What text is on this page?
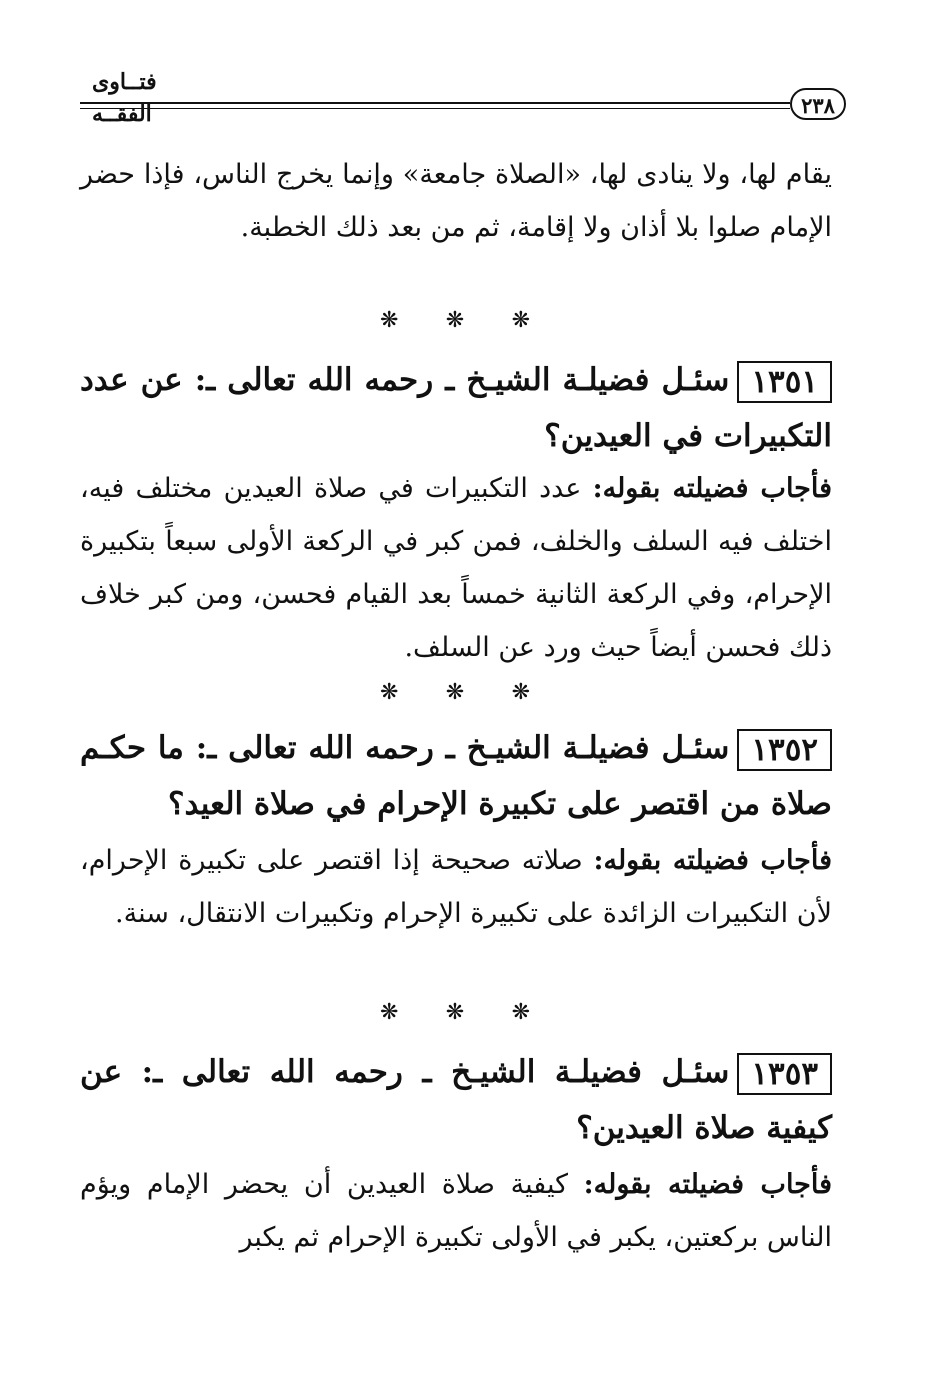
فتــاوى الفقــه	٢٣٨

يقام لها، ولا ينادى لها، «الصلاة جامعة» وإنما يخرج الناس، فإذا حضر الإمام صلوا بلا أذان ولا إقامة، ثم من بعد ذلك الخطبة.

❋
❋
❋

١٣٥١سئـل فضيلـة الشيـخ ـ رحمه الله تعالى ـ: عن عدد التكبيرات في العيدين؟

فأجاب فضيلته بقوله: عدد التكبيرات في صلاة العيدين مختلف فيه، اختلف فيه السلف والخلف، فمن كبر في الركعة الأولى سبعاً بتكبيرة الإحرام، وفي الركعة الثانية خمساً بعد القيام فحسن، ومن كبر خلاف ذلك فحسن أيضاً حيث ورد عن السلف.

❋
❋
❋

١٣٥٢سئـل فضيلـة الشيـخ ـ رحمه الله تعالى ـ: ما حكـم صلاة من اقتصر على تكبيرة الإحرام في صلاة العيد؟

فأجاب فضيلته بقوله: صلاته صحيحة إذا اقتصر على تكبيرة الإحرام، لأن التكبيرات الزائدة على تكبيرة الإحرام وتكبيرات الانتقال، سنة.

❋
❋
❋

١٣٥٣سئـل فضيلـة الشيـخ ـ رحمه الله تعالى ـ: عن كيفية صلاة العيدين؟

فأجاب فضيلته بقوله: كيفية صلاة العيدين أن يحضر الإمام ويؤم الناس بركعتين، يكبر في الأولى تكبيرة الإحرام ثم يكبر
